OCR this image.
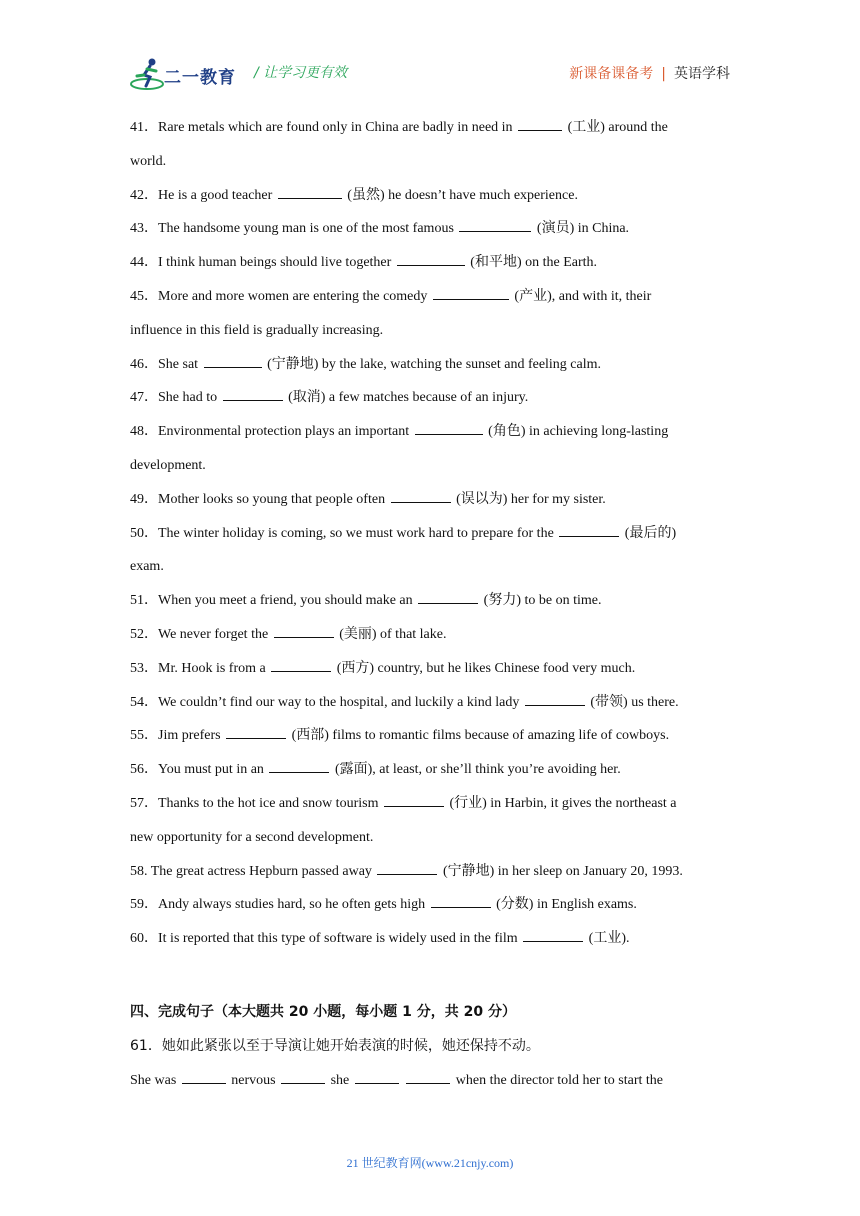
二一教育 / 让学习更有效	新课备课备考 | 英语学科
41．Rare metals which are found only in China are badly in need in	(工业) around the
world.
42．He is a good teacher	(虽然) he doesn’t have much experience.
43．The handsome young man is one of the most famous	(演员) in China.
44．I think human beings should live together	(和平地) on the Earth.
45．More and more women are entering the comedy	(产业), and with it, their
influence in this field is gradually increasing.
46．She sat	(宁静地) by the lake, watching the sunset and feeling calm.
47．She had to	(取消) a few matches because of an injury.
48．Environmental protection plays an important	(角色) in achieving long-lasting
development.
49．Mother looks so young that people often	(误以为) her for my sister.
50．The winter holiday is coming, so we must work hard to prepare for the	(最后的)
exam.
51．When you meet a friend, you should make an	(努力) to be on time.
52．We never forget the	(美丽) of that lake.
53．Mr. Hook is from a	(西方) country, but he likes Chinese food very much.
54．We couldn’t find our way to the hospital, and luckily a kind lady	(带领) us there.
55．Jim prefers	(西部) films to romantic films because of amazing life of cowboys.
56．You must put in an	(露面), at least, or she’ll think you’re avoiding her.
57．Thanks to the hot ice and snow tourism	(行业) in Harbin, it gives the northeast a
new opportunity for a second development.
58. The great actress Hepburn passed away	(宁静地) in her sleep on January 20, 1993.
59．Andy always studies hard, so he often gets high	(分数) in English exams.
60．It is reported that this type of software is widely used in the film	(工业).
四、完成句子（本大题共 20 小题，每小题 1 分，共 20 分）
61．她如此紧张以至于导演让她开始表演的时候，她还保持不动。
She was	nervous	she	when the director told her to start the
21 世纪教育网(www.21cnjy.com)
